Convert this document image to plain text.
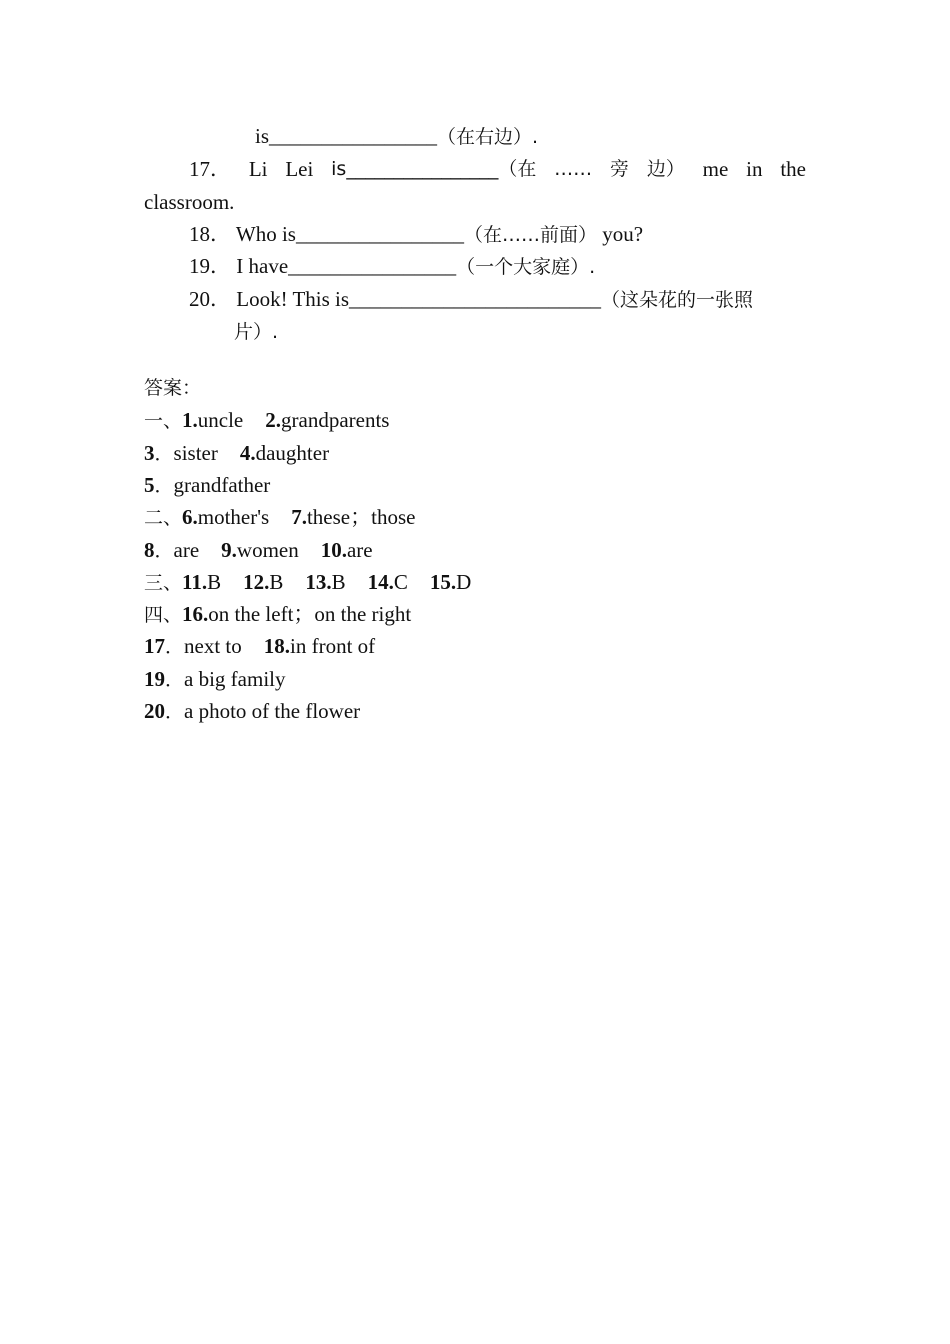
is________________（在右边）.
17． Li Lei is________________（在 …… 旁 边） me in the
classroom.
18． Who is________________（在……前面） you?
19． I have________________（一个大家庭）.
20． Look! This is________________________（这朵花的一张照
片）.
答案：
一、1.uncle 2.grandparents
3．sister 4.daughter
5．grandfather
二、6.mother's 7.these；those
8．are 9.women 10.are
三、11.B 12.B 13.B 14.C 15.D
四、16.on the left；on the right
17．next to 18.in front of
19．a big family
20．a photo of the flower
